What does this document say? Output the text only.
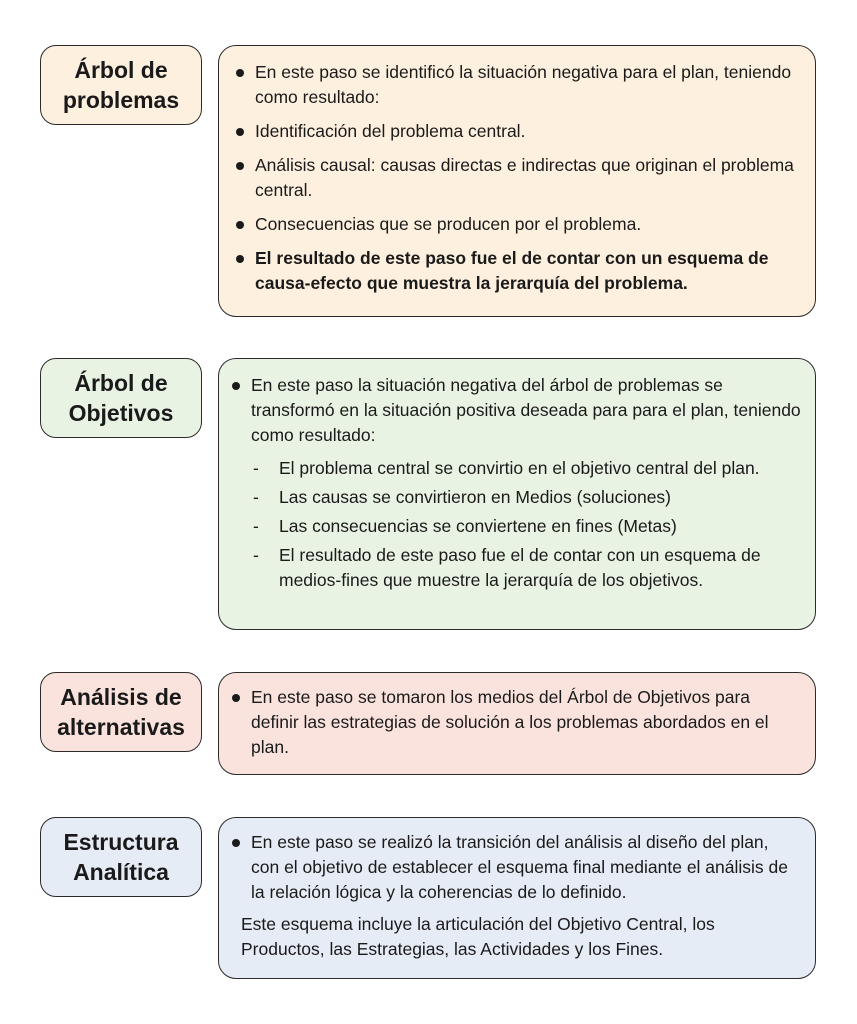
Árbol de problemas
En este paso se identificó la situación negativa para el plan, teniendo como resultado:
Identificación del problema central.
Análisis causal: causas directas e indirectas que originan el problema central.
Consecuencias que se producen por el problema.
El resultado de este paso fue el de contar con un esquema de causa-efecto que muestra la jerarquía del problema.
Árbol de Objetivos
En este paso la situación negativa del árbol de problemas se transformó en la situación positiva deseada para para el plan, teniendo como resultado:
- El problema central se convirtio en el objetivo central del plan.
- Las causas se convirtieron en Medios (soluciones)
- Las consecuencias se conviertene en fines (Metas)
- El resultado de este paso fue el de contar con un esquema de medios-fines que muestre la jerarquía de los objetivos.
Análisis de alternativas
En este paso se tomaron los medios del Árbol de Objetivos para definir las estrategias de solución a los problemas abordados en el plan.
Estructura Analítica
En este paso se realizó la transición del análisis al diseño del plan, con el objetivo de establecer el esquema final mediante el análisis de la relación lógica y la coherencias de lo definido.

Este esquema incluye la articulación del Objetivo Central, los Productos, las Estrategias, las Actividades y los Fines.
